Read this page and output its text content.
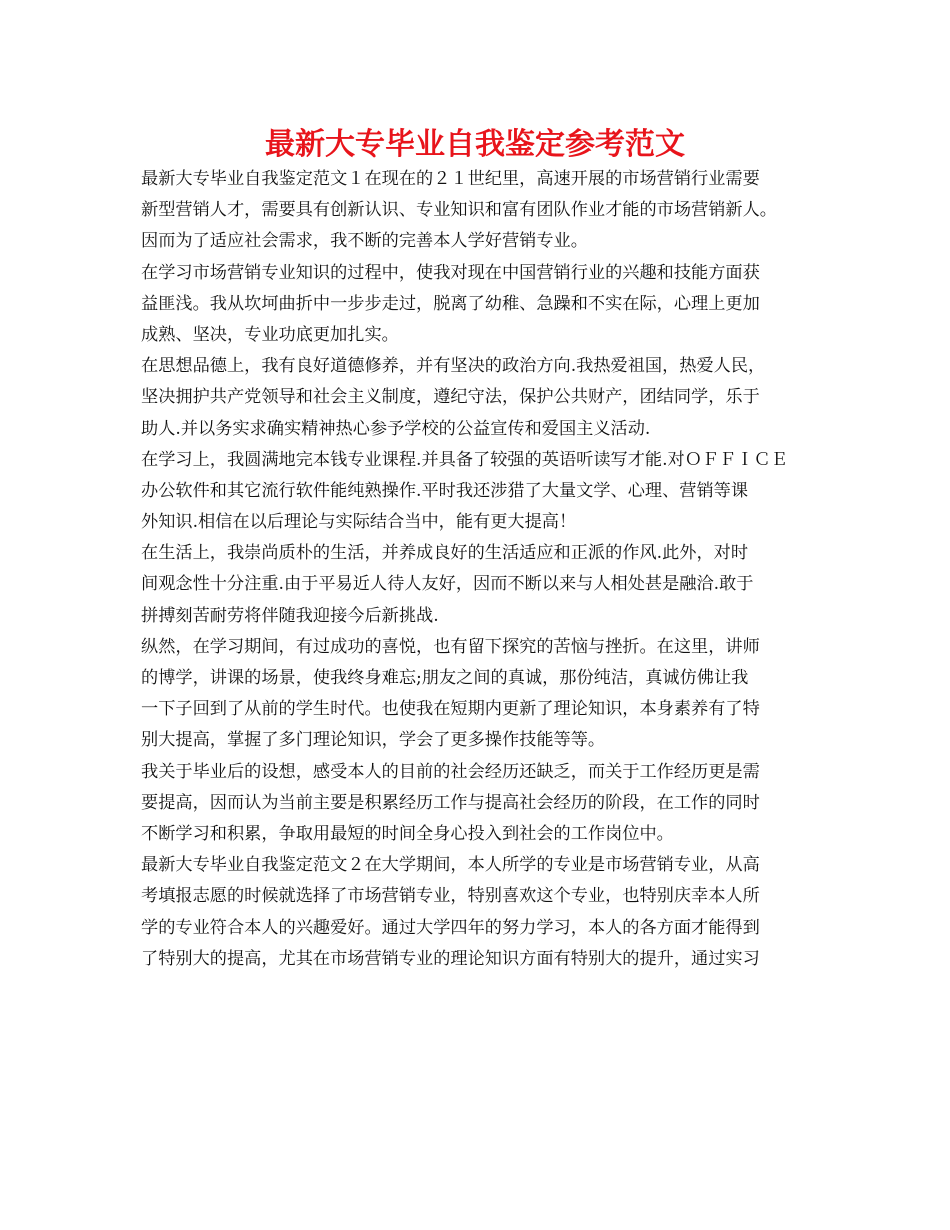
最新大专毕业自我鉴定参考范文
最新大专毕业自我鉴定范文１在现在的２１世纪里，高速开展的市场营销行业需要
新型营销人才，需要具有创新认识、专业知识和富有团队作业才能的市场营销新人。
因而为了适应社会需求，我不断的完善本人学好营销专业。
在学习市场营销专业知识的过程中，使我对现在中国营销行业的兴趣和技能方面获
益匪浅。我从坎坷曲折中一步步走过，脱离了幼稚、急躁和不实在际，心理上更加
成熟、坚决，专业功底更加扎实。
在思想品德上，我有良好道德修养，并有坚决的政治方向.我热爱祖国，热爱人民，
坚决拥护共产党领导和社会主义制度，遵纪守法，保护公共财产，团结同学，乐于
助人.并以务实求确实精神热心参予学校的公益宣传和爱国主义活动.
在学习上，我圆满地完本钱专业课程.并具备了较强的英语听读写才能.对ＯＦＦＩＣＥ
办公软件和其它流行软件能纯熟操作.平时我还涉猎了大量文学、心理、营销等课
外知识.相信在以后理论与实际结合当中，能有更大提高！
在生活上，我崇尚质朴的生活，并养成良好的生活适应和正派的作风.此外，对时
间观念性十分注重.由于平易近人待人友好，因而不断以来与人相处甚是融洽.敢于
拼搏刻苦耐劳将伴随我迎接今后新挑战.
纵然，在学习期间，有过成功的喜悦，也有留下探究的苦恼与挫折。在这里，讲师
的博学，讲课的场景，使我终身难忘;朋友之间的真诚，那份纯洁，真诚仿佛让我
一下子回到了从前的学生时代。也使我在短期内更新了理论知识，本身素养有了特
别大提高，掌握了多门理论知识，学会了更多操作技能等等。
我关于毕业后的设想，感受本人的目前的社会经历还缺乏，而关于工作经历更是需
要提高，因而认为当前主要是积累经历工作与提高社会经历的阶段，在工作的同时
不断学习和积累，争取用最短的时间全身心投入到社会的工作岗位中。
最新大专毕业自我鉴定范文２在大学期间，本人所学的专业是市场营销专业，从高
考填报志愿的时候就选择了市场营销专业，特别喜欢这个专业，也特别庆幸本人所
学的专业符合本人的兴趣爱好。通过大学四年的努力学习，本人的各方面才能得到
了特别大的提高，尤其在市场营销专业的理论知识方面有特别大的提升，通过实习
